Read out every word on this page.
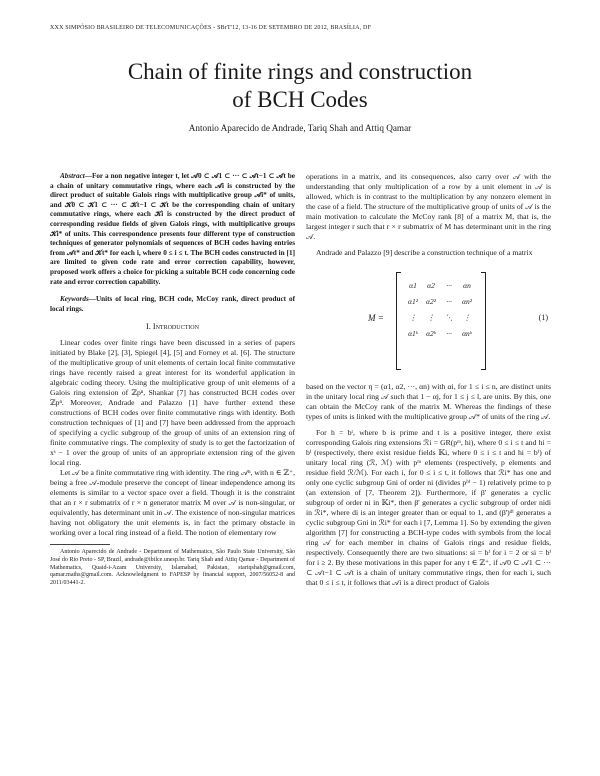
XXX SIMPÓSIO BRASILEIRO DE TELECOMUNICAÇÕES - SBrT'12, 13-16 DE SETEMBRO DE 2012, BRASÍLIA, DF
Chain of finite rings and construction
of BCH Codes
Antonio Aparecido de Andrade, Tariq Shah and Attiq Qamar

Abstract—For a non negative integer t, let 𝒜0 ⊂ 𝒜1 ⊂ ··· ⊂ 𝒜t−1 ⊂ 𝒜t be a chain of unitary commutative rings, where each 𝒜i is constructed by the direct product of suitable Galois rings with multiplicative group 𝒜i* of units, and 𝒦0 ⊂ 𝒦1 ⊂ ··· ⊂ 𝒦t−1 ⊂ 𝒦t be the corresponding chain of unitary commutative rings, where each 𝒦i is constructed by the direct product of corresponding residue fields of given Galois rings, with multiplicative groups 𝒦i* of units. This correspondence presents four different type of construction techniques of generator polynomials of sequences of BCH codes having entries from 𝒜t* and 𝒦t* for each i, where 0 ≤ i ≤ t. The BCH codes constructed in [1] are limited to given code rate and error correction capability, however, proposed work offers a choice for picking a suitable BCH code concerning code rate and error correction capability.

Keywords—Units of local ring, BCH code, McCoy rank, direct product of local rings.

I. Introduction

Linear codes over finite rings have been discussed in a series of papers initiated by Blake [2], [3], Spiegel [4], [5] and Forney et al. [6]. The structure of the multiplicative group of unit elements of certain local finite commutative rings have recently raised a great interest for its wonderful application in algebraic coding theory. Using the multiplicative group of unit elements of a Galois ring extension of ℤpⁿ, Shankar [7] has constructed BCH codes over ℤpⁿ. Moreover, Andrade and Palazzo [1] have further extend these constructions of BCH codes over finite commutative rings with identity. Both construction techniques of [1] and [7] have been addressed from the approach of specifying a cyclic subgroup of the group of units of an extension ring of finite commutative rings. The complexity of study is to get the factorization of xˢ − 1 over the group of units of an appropriate extension ring of the given local ring.

Let 𝒜 be a finite commutative ring with identity. The ring 𝒜ⁿ, with n ∈ ℤ⁺, being a free 𝒜-module preserve the concept of linear independence among its elements is similar to a vector space over a field. Though it is the constraint that an r × r submatrix of r × n generator matrix M over 𝒜 is non-singular, or equivalently, has determinant unit in 𝒜. The existence of non-singular matrices having not obligatory the unit elements is, in fact the primary obstacle in working over a local ring instead of a field. The notion of elementary row

Antonio Aparecido de Andrade - Department of Mathematics, São Paulo State University, São José do Rio Preto - SP, Brazil, andrade@ibilce.unesp.br. Tariq Shah and Attiq Qamar - Department of Mathematics, Quaid-i-Azam University, Islamabad, Pakistan, stariqshah@gmail.com, qamar.maths@gmail.com. Acknowledgment to FAPESP by financial support, 2007/56052-8 and 2011/03441-2.

operations in a matrix, and its consequences, also carry over 𝒜 with the understanding that only multiplication of a row by a unit element in 𝒜 is allowed, which is in contrast to the multiplication by any nonzero element in the case of a field. The structure of the multiplicative group of units of 𝒜 is the main motivation to calculate the McCoy rank [8] of a matrix M, that is, the largest integer r such that r × r submatrix of M has determinant unit in the ring 𝒜.

Andrade and Palazzo [9] describe a construction technique of a matrix

M =
α1	α2	···	αn
α1²	α2²	···	αn²
⋮	⋮	⋱	⋮
α1ᵏ	α2ᵏ	···	αnᵏ
(1)

based on the vector η = (α1, α2, ···, αn) with αi, for 1 ≤ i ≤ n, are distinct units in the unitary local ring 𝒜 such that 1 − αj, for 1 ≤ j ≤ l, are units. By this, one can obtain the McCoy rank of the matrix M. Whereas the findings of these types of units is linked with the multiplicative group 𝒜* of units of the ring 𝒜.

For h = bᵗ, where b is prime and t is a positive integer, there exist corresponding Galois ring extensions ℛi = GR(pᵐ, hi), where 0 ≤ i ≤ t and hi = bⁱ (respectively, there exist residue fields 𝕂i, where 0 ≤ i ≤ t and hi = bⁱ) of unitary local ring (ℛ, ℳ) with pᵐ elements (respectively, p elements and residue field ℛ/ℳ). For each i, for 0 ≤ i ≤ t, it follows that ℛi* has one and only one cyclic subgroup Gni of order ni (divides pʰⁱ − 1) relatively prime to p (an extension of [7, Theorem 2]). Furthermore, if β' generates a cyclic subgroup of order ni in 𝕂i*, then β' generates a cyclic subgroup of order nidi in ℛi*, where di is an integer greater than or equal to 1, and (β')ᵈⁱ generates a cyclic subgroup Gni in ℛi* for each i [7, Lemma 1]. So by extending the given algorithm [7] for constructing a BCH-type codes with symbols from the local ring 𝒜 for each member in chains of Galois rings and residue fields, respectively. Consequently there are two situations: si = bⁱ for i = 2 or si = bⁱ for i ≥ 2. By these motivations in this paper for any t ∈ ℤ⁺, if 𝒜0 ⊂ 𝒜1 ⊂ ··· ⊂ 𝒜t−1 ⊂ 𝒜t is a chain of unitary commutative rings, then for each i, such that 0 ≤ i ≤ t, it follows that 𝒜i is a direct product of Galois
